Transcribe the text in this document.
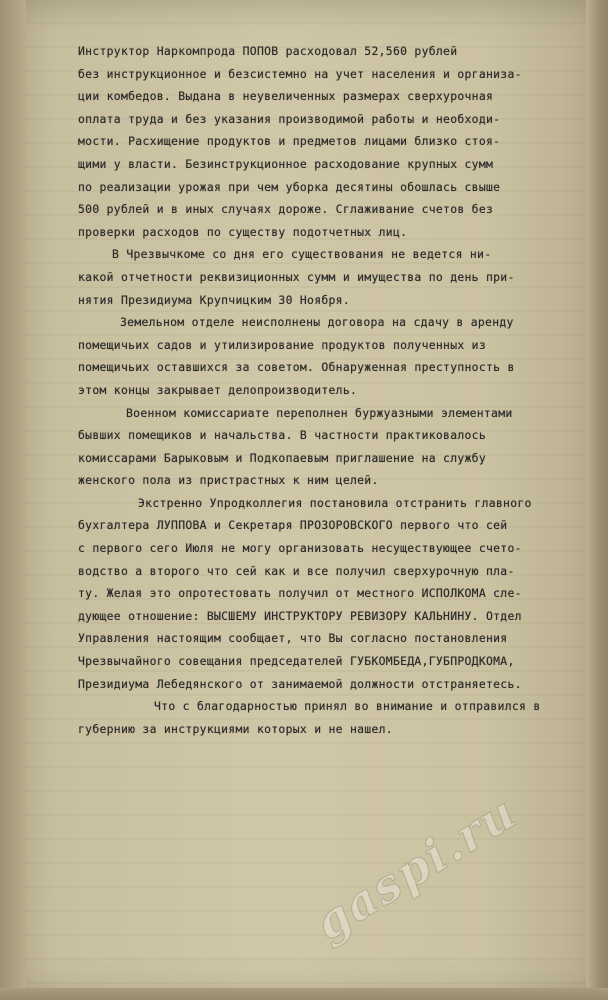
Инструктор Наркомпрода ПОПОВ расходовал 52,560 рублей
без инструкционное и безсистемно на учет населения и организа-
ции комбедов. Выдана в неувеличенных размерах сверхурочная
оплата труда и без указания производимой работы и необходи-
мости. Расхищение продуктов и предметов лицами близко стоя-
щими у власти. Безинструкционное расходование крупных сумм
по реализации урожая при чем уборка десятины обошлась свыше
500 рублей и в иных случаях дороже. Сглаживание счетов без
проверки расходов по существу подотчетных лиц.
В Чрезвычкоме со дня его существования не ведется ни-
какой отчетности реквизиционных сумм и имущества по день при-
нятия Президиума Крупчицким 30 Ноября.
Земельном отделе неисполнены договора на сдачу в аренду
помещичьих садов и утилизирование продуктов полученных из
помещичьих оставшихся за советом. Обнаруженная преступность в
этом концы закрывает делопроизводитель.
Военном комиссариате переполнен буржуазными элементами
бывших помещиков и начальства. В частности практиковалось
комиссарами Барыковым и Подкопаевым приглашение на службу
женского пола из пристрастных к ним целей.
Экстренно Упродколлегия постановила отстранить главного
бухгалтера ЛУППОВА и Секретаря ПРОЗОРОВСКОГО первого что сей
с первого сего Июля не могу организовать несуществующее счето-
водство а второго что сей как и все получил сверхурочную пла-
ту. Желая это опротестовать получил от местного ИСПОЛКОМА сле-
дующее отношение: ВЫСШЕМУ ИНСТРУКТОРУ РЕВИЗОРУ КАЛЬНИНУ. Отдел
Управления настоящим сообщает, что Вы согласно постановления
Чрезвычайного совещания председателей ГУБКОМБЕДА,ГУБПРОДКОМА,
Президиума Лебедянского от занимаемой должности отстраняетесь.
Что с благодарностью принял во внимание и отправился в
губернию за инструкциями которых и не нашел.
gaspi.ru
